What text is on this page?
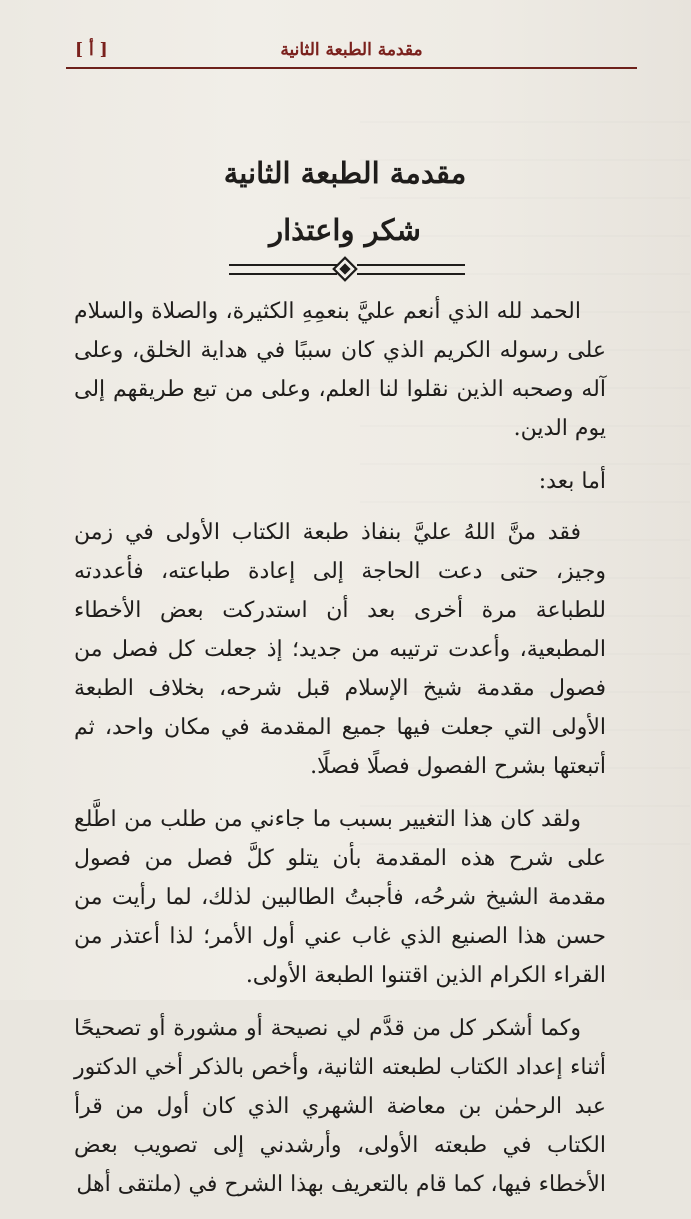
مقدمة الطبعة الثانية
[ أ ]
مقدمة الطبعة الثانية
شكر واعتذار

الحمد لله الذي أنعم عليَّ بنعمِهِ الكثيرة، والصلاة والسلام على رسوله الكريم الذي كان سببًا في هداية الخلق، وعلى آله وصحبه الذين نقلوا لنا العلم، وعلى من تبع طريقهم إلى يوم الدين.

أما بعد:

فقد منَّ اللهُ عليَّ بنفاذ طبعة الكتاب الأولى في زمن وجيز، حتى دعت الحاجة إلى إعادة طباعته، فأعددته للطباعة مرة أخرى بعد أن استدركت بعض الأخطاء المطبعية، وأعدت ترتيبه من جديد؛ إذ جعلت كل فصل من فصول مقدمة شيخ الإسلام قبل شرحه، بخلاف الطبعة الأولى التي جعلت فيها جميع المقدمة في مكان واحد، ثم أتبعتها بشرح الفصول فصلًا فصلًا.

ولقد كان هذا التغيير بسبب ما جاءني من طلب من اطَّلع على شرح هذه المقدمة بأن يتلو كلَّ فصل من فصول مقدمة الشيخ شرحُه، فأجبتُ الطالبين لذلك، لما رأيت من حسن هذا الصنيع الذي غاب عني أول الأمر؛ لذا أعتذر من القراء الكرام الذين اقتنوا الطبعة الأولى.

وكما أشكر كل من قدَّم لي نصيحة أو مشورة أو تصحيحًا أثناء إعداد الكتاب لطبعته الثانية، وأخص بالذكر أخي الدكتور عبد الرحمٰن بن معاضة الشهري الذي كان أول من قرأ الكتاب في طبعته الأولى، وأرشدني إلى تصويب بعض الأخطاء فيها، كما قام بالتعريف بهذا الشرح في (ملتقى أهل
